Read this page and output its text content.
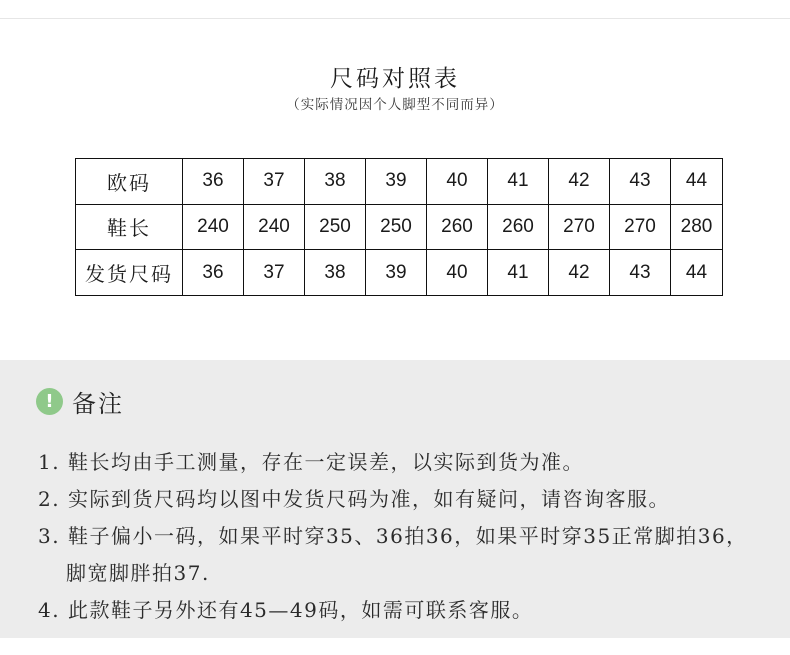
尺码对照表
（实际情况因个人脚型不同而异）
欧码	36	37	38	39	40	41	42	43	44
鞋长	240	240	250	250	260	260	270	270	280
发货尺码	36	37	38	39	40	41	42	43	44
! 备注
1. 鞋长均由手工测量，存在一定误差，以实际到货为准。
2. 实际到货尺码均以图中发货尺码为准，如有疑问，请咨询客服。
3. 鞋子偏小一码，如果平时穿35、36拍36，如果平时穿35正常脚拍36，脚宽脚胖拍37.
4. 此款鞋子另外还有45—49码，如需可联系客服。
